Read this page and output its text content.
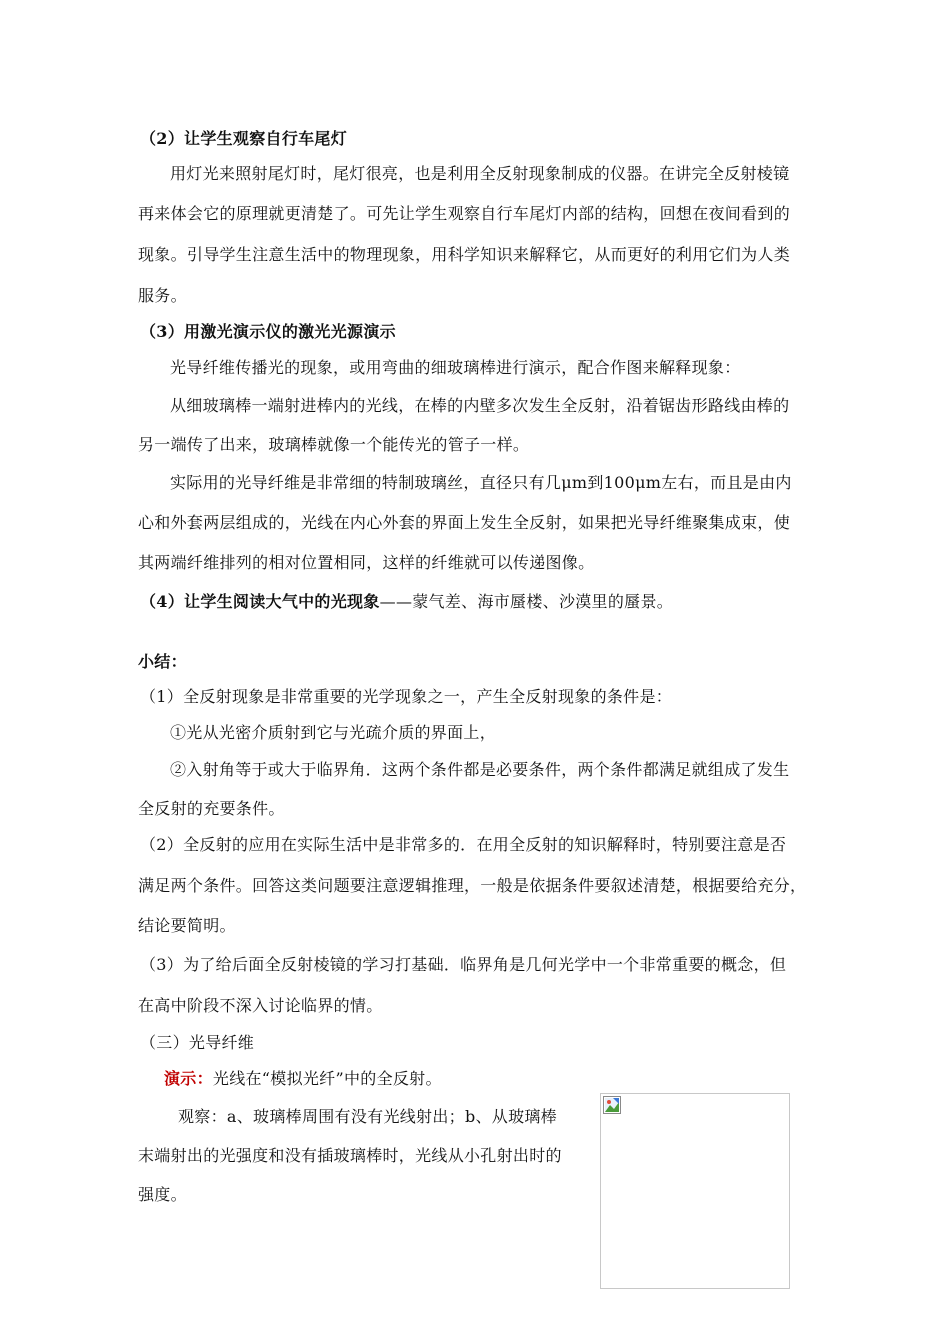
（2）让学生观察自行车尾灯
用灯光来照射尾灯时，尾灯很亮，也是利用全反射现象制成的仪器。在讲完全反射棱镜
再来体会它的原理就更清楚了。可先让学生观察自行车尾灯内部的结构，回想在夜间看到的
现象。引导学生注意生活中的物理现象，用科学知识来解释它，从而更好的利用它们为人类
服务。
（3）用激光演示仪的激光光源演示
光导纤维传播光的现象，或用弯曲的细玻璃棒进行演示，配合作图来解释现象：
从细玻璃棒一端射进棒内的光线，在棒的内壁多次发生全反射，沿着锯齿形路线由棒的
另一端传了出来，玻璃棒就像一个能传光的管子一样。
实际用的光导纤维是非常细的特制玻璃丝，直径只有几μm到100μm左右，而且是由内
心和外套两层组成的，光线在内心外套的界面上发生全反射，如果把光导纤维聚集成束，使
其两端纤维排列的相对位置相同，这样的纤维就可以传递图像。
（4）让学生阅读大气中的光现象——蒙气差、海市蜃楼、沙漠里的蜃景。
小结：
（1）全反射现象是非常重要的光学现象之一，产生全反射现象的条件是：
①光从光密介质射到它与光疏介质的界面上，
②入射角等于或大于临界角．这两个条件都是必要条件，两个条件都满足就组成了发生
全反射的充要条件。
（2）全反射的应用在实际生活中是非常多的．在用全反射的知识解释时，特别要注意是否
满足两个条件。回答这类问题要注意逻辑推理，一般是依据条件要叙述清楚，根据要给充分，
结论要简明。
（3）为了给后面全反射棱镜的学习打基础．临界角是几何光学中一个非常重要的概念，但
在高中阶段不深入讨论临界的情。
（三）光导纤维
演示：光线在“模拟光纤”中的全反射。
观察：a、玻璃棒周围有没有光线射出；b、从玻璃棒
末端射出的光强度和没有插玻璃棒时，光线从小孔射出时的
强度。
